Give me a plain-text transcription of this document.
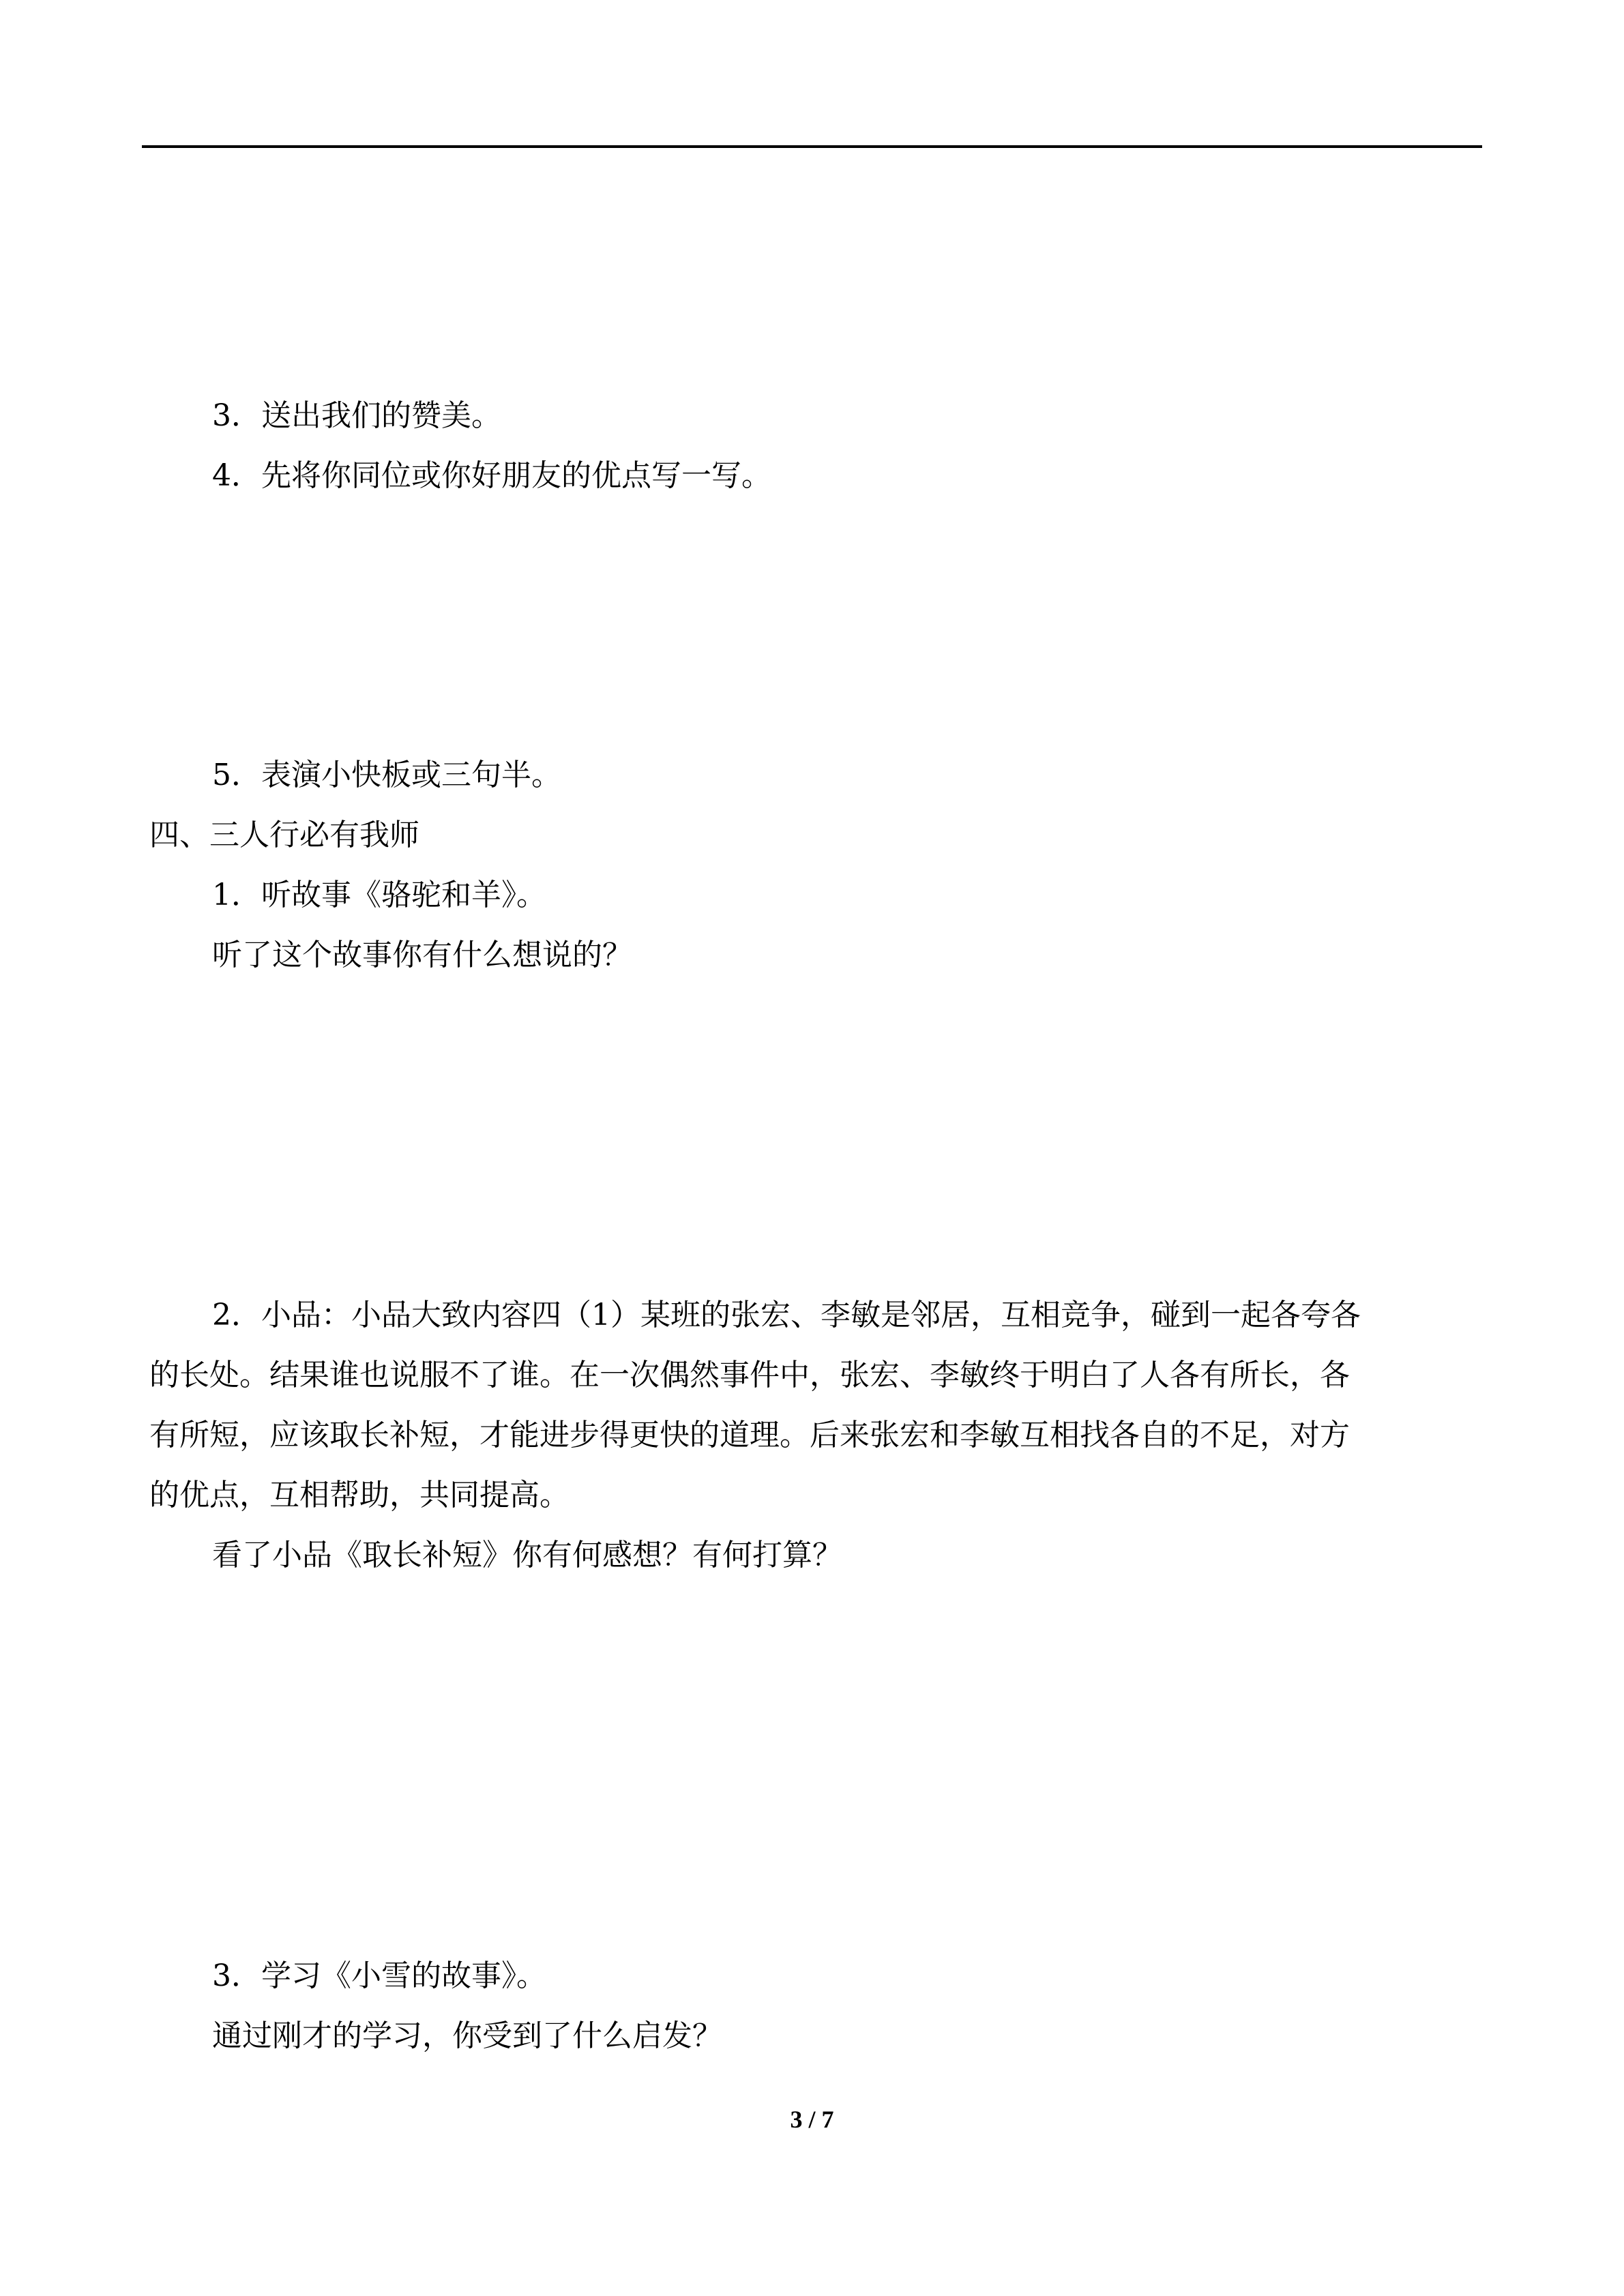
3．送出我们的赞美。
4．先将你同位或你好朋友的优点写一写。
5．表演小快板或三句半。
四、三人行必有我师
1．听故事《骆驼和羊》。
听了这个故事你有什么想说的？
2．小品：小品大致内容四（1）某班的张宏、李敏是邻居，互相竞争，碰到一起各夸各
的长处。结果谁也说服不了谁。在一次偶然事件中，张宏、李敏终于明白了人各有所长，各
有所短，应该取长补短，才能进步得更快的道理。后来张宏和李敏互相找各自的不足，对方
的优点，互相帮助，共同提高。
看了小品《取长补短》你有何感想？有何打算？
3．学习《小雪的故事》。
通过刚才的学习，你受到了什么启发？
3 / 7
